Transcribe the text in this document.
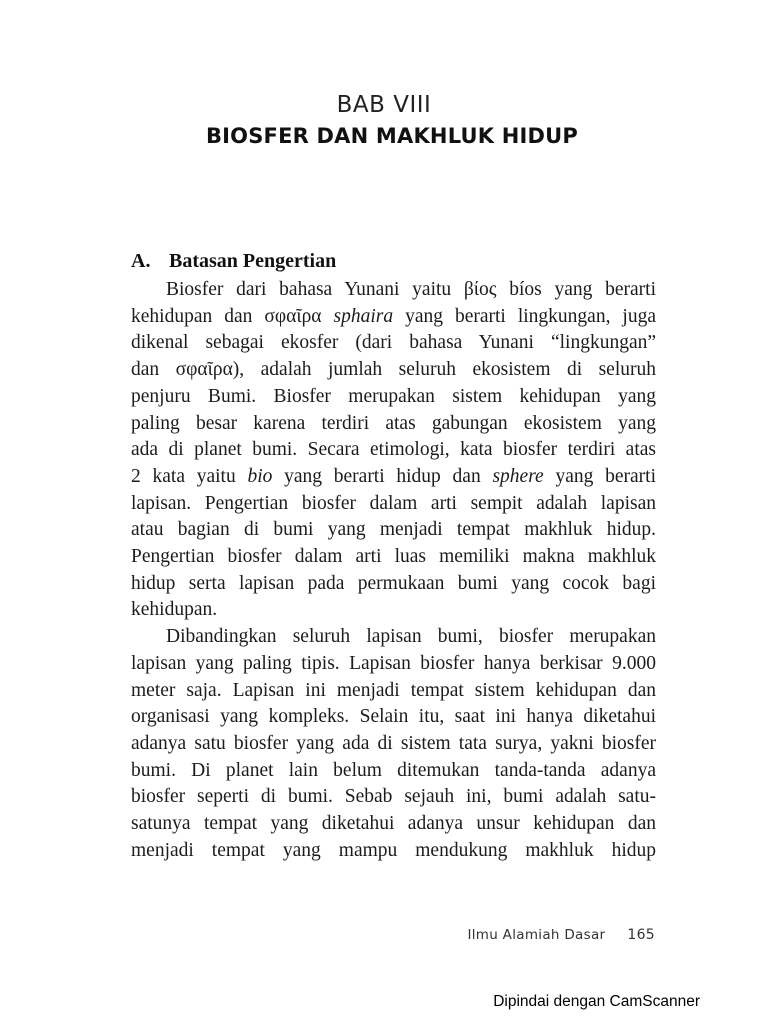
BAB VIII
BIOSFER DAN MAKHLUK HIDUP
A. Batasan Pengertian
Biosfer dari bahasa Yunani yaitu βίος bíos yang berarti
kehidupan dan σφαῖρα sphaira yang berarti lingkungan, juga
dikenal sebagai ekosfer (dari bahasa Yunani “lingkungan”
dan σφαῖρα), adalah jumlah seluruh ekosistem di seluruh
penjuru Bumi. Biosfer merupakan sistem kehidupan yang
paling besar karena terdiri atas gabungan ekosistem yang
ada di planet bumi. Secara etimologi, kata biosfer terdiri atas
2 kata yaitu bio yang berarti hidup dan sphere yang berarti
lapisan. Pengertian biosfer dalam arti sempit adalah lapisan
atau bagian di bumi yang menjadi tempat makhluk hidup.
Pengertian biosfer dalam arti luas memiliki makna makhluk
hidup serta lapisan pada permukaan bumi yang cocok bagi
kehidupan.
Dibandingkan seluruh lapisan bumi, biosfer merupakan
lapisan yang paling tipis. Lapisan biosfer hanya berkisar 9.000
meter saja. Lapisan ini menjadi tempat sistem kehidupan dan
organisasi yang kompleks. Selain itu, saat ini hanya diketahui
adanya satu biosfer yang ada di sistem tata surya, yakni biosfer
bumi. Di planet lain belum ditemukan tanda-tanda adanya
biosfer seperti di bumi. Sebab sejauh ini, bumi adalah satu-
satunya tempat yang diketahui adanya unsur kehidupan dan
menjadi tempat yang mampu mendukung makhluk hidup
Ilmu Alamiah Dasar 165
Dipindai dengan CamScanner
